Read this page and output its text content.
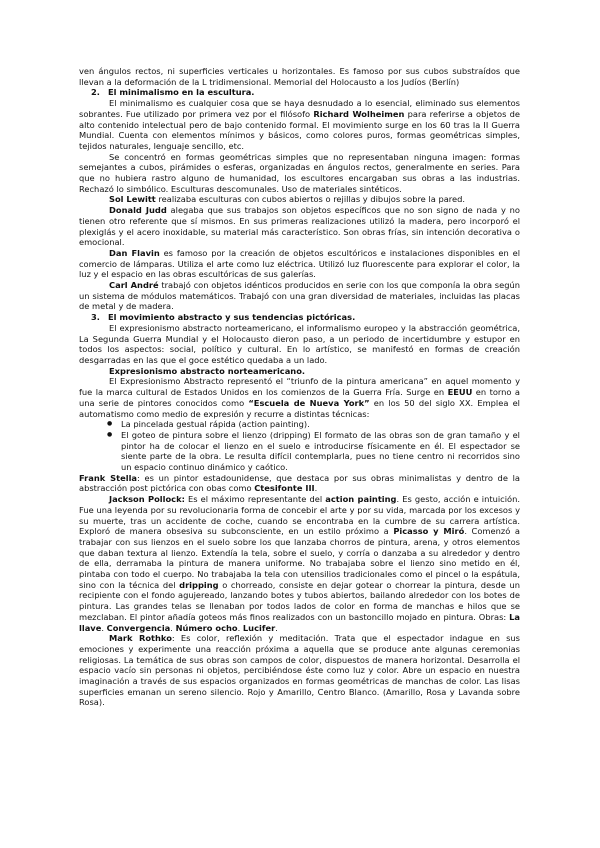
ven ángulos rectos, ni superficies verticales u horizontales. Es famoso por sus cubos substraídos que llevan a la deformación de la L tridimensional. Memorial del Holocausto a los Judíos (Berlín)

2. El minimalismo en la escultura.

El minimalismo es cualquier cosa que se haya desnudado a lo esencial, eliminado sus elementos sobrantes. Fue utilizado por primera vez por el filósofo Richard Wolheimen para referirse a objetos de alto contenido intelectual pero de bajo contenido formal. El movimiento surge en los 60 tras la II Guerra Mundial. Cuenta con elementos mínimos y básicos, como colores puros, formas geométricas simples, tejidos naturales, lenguaje sencillo, etc.

Se concentró en formas geométricas simples que no representaban ninguna imagen: formas semejantes a cubos, pirámides o esferas, organizadas en ángulos rectos, generalmente en series. Para que no hubiera rastro alguno de humanidad, los escultores encargaban sus obras a las industrias. Rechazó lo simbólico. Esculturas descomunales. Uso de materiales sintéticos.

Sol Lewitt realizaba esculturas con cubos abiertos o rejillas y dibujos sobre la pared.

Donald Judd alegaba que sus trabajos son objetos específicos que no son signo de nada y no tienen otro referente que sí mismos. En sus primeras realizaciones utilizó la madera, pero incorporó el plexiglás y el acero inoxidable, su material más característico. Son obras frías, sin intención decorativa o emocional.

Dan Flavin es famoso por la creación de objetos escultóricos e instalaciones disponibles en el comercio de lámparas. Utiliza el arte como luz eléctrica. Utilizó luz fluorescente para explorar el color, la luz y el espacio en las obras escultóricas de sus galerías.

Carl André trabajó con objetos idénticos producidos en serie con los que componía la obra según un sistema de módulos matemáticos. Trabajó con una gran diversidad de materiales, incluidas las placas de metal y de madera.

3. El movimiento abstracto y sus tendencias pictóricas.

El expresionismo abstracto norteamericano, el informalismo europeo y la abstracción geométrica, La Segunda Guerra Mundial y el Holocausto dieron paso, a un periodo de incertidumbre y estupor en todos los aspectos: social, político y cultural. En lo artístico, se manifestó en formas de creación desgarradas en las que el goce estético quedaba a un lado.

Expresionismo abstracto norteamericano.

El Expresionismo Abstracto representó el “triunfo de la pintura americana” en aquel momento y fue la marca cultural de Estados Unidos en los comienzos de la Guerra Fría. Surge en EEUU en torno a una serie de pintores conocidos como “Escuela de Nueva York” en los 50 del siglo XX. Emplea el automatismo como medio de expresión y recurre a distintas técnicas:

● La pincelada gestual rápida (action painting).
● El goteo de pintura sobre el lienzo (dripping) El formato de las obras son de gran tamaño y el pintor ha de colocar el lienzo en el suelo e introducirse físicamente en él. El espectador se siente parte de la obra. Le resulta difícil contemplarla, pues no tiene centro ni recorridos sino un espacio continuo dinámico y caótico.

Frank Stella: es un pintor estadounidense, que destaca por sus obras minimalistas y dentro de la abstracción post pictórica con obas como Ctesifonte III.

Jackson Pollock: Es el máximo representante del action painting. Es gesto, acción e intuición. Fue una leyenda por su revolucionaria forma de concebir el arte y por su vida, marcada por los excesos y su muerte, tras un accidente de coche, cuando se encontraba en la cumbre de su carrera artística. Exploró de manera obsesiva su subconsciente, en un estilo próximo a Picasso y Miró. Comenzó a trabajar con sus lienzos en el suelo sobre los que lanzaba chorros de pintura, arena, y otros elementos que daban textura al lienzo. Extendía la tela, sobre el suelo, y corría o danzaba a su alrededor y dentro de ella, derramaba la pintura de manera uniforme. No trabajaba sobre el lienzo sino metido en él, pintaba con todo el cuerpo. No trabajaba la tela con utensilios tradicionales como el pincel o la espátula, sino con la técnica del dripping o chorreado, consiste en dejar gotear o chorrear la pintura, desde un recipiente con el fondo agujereado, lanzando botes y tubos abiertos, bailando alrededor con los botes de pintura. Las grandes telas se llenaban por todos lados de color en forma de manchas e hilos que se mezclaban. El pintor añadía goteos más finos realizados con un bastoncillo mojado en pintura. Obras: La llave. Convergencia. Número ocho. Lucifer.

Mark Rothko: Es color, reflexión y meditación. Trata que el espectador indague en sus emociones y experimente una reacción próxima a aquella que se produce ante algunas ceremonias religiosas. La temática de sus obras son campos de color, dispuestos de manera horizontal. Desarrolla el espacio vacío sin personas ni objetos, percibiéndose éste como luz y color. Abre un espacio en nuestra imaginación a través de sus espacios organizados en formas geométricas de manchas de color. Las lisas superficies emanan un sereno silencio. Rojo y Amarillo, Centro Blanco. (Amarillo, Rosa y Lavanda sobre Rosa).
